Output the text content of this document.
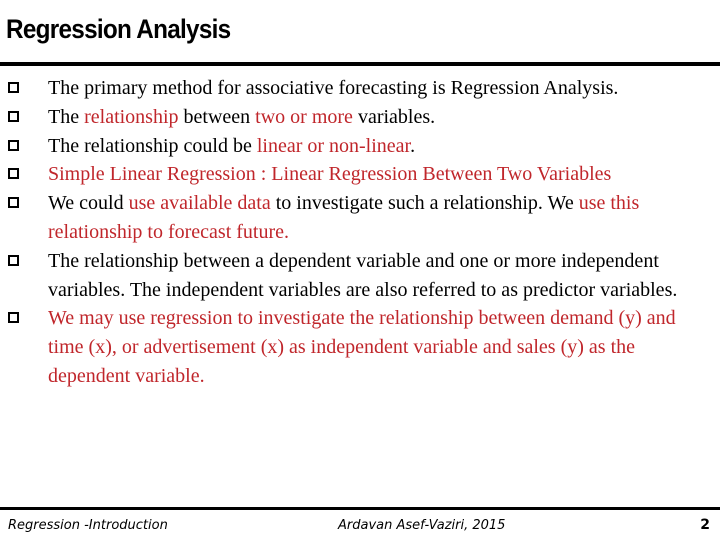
Regression Analysis
The primary method for associative forecasting is Regression Analysis.
The relationship between two or more variables.
The relationship could be linear or non-linear.
Simple Linear Regression : Linear Regression Between Two Variables
We could use available data to investigate such a relationship. We use this relationship to forecast future.
The relationship between a dependent variable and one or more independent variables. The independent variables are also referred to as predictor variables.
We may use regression to investigate the relationship between demand (y) and time (x), or advertisement (x) as independent variable and sales (y) as the dependent variable.
Regression -Introduction	Ardavan Asef-Vaziri, 2015	2
